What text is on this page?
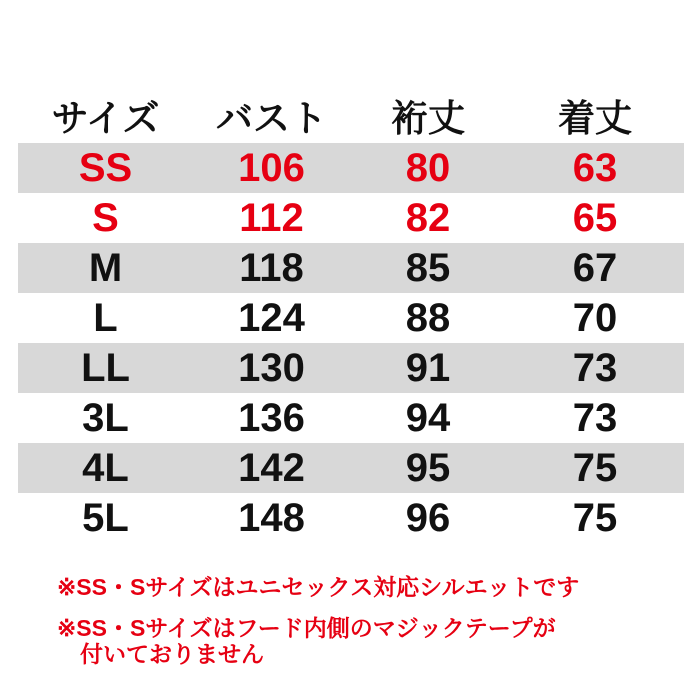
サイズ	バスト	裄丈	着丈
SS	106	80	63
S	112	82	65
M	118	85	67
L	124	88	70
LL	130	91	73
3L	136	94	73
4L	142	95	75
5L	148	96	75
※SS・Sサイズはユニセックス対応シルエットです
※SS・Sサイズはフード内側のマジックテープが
付いておりません
